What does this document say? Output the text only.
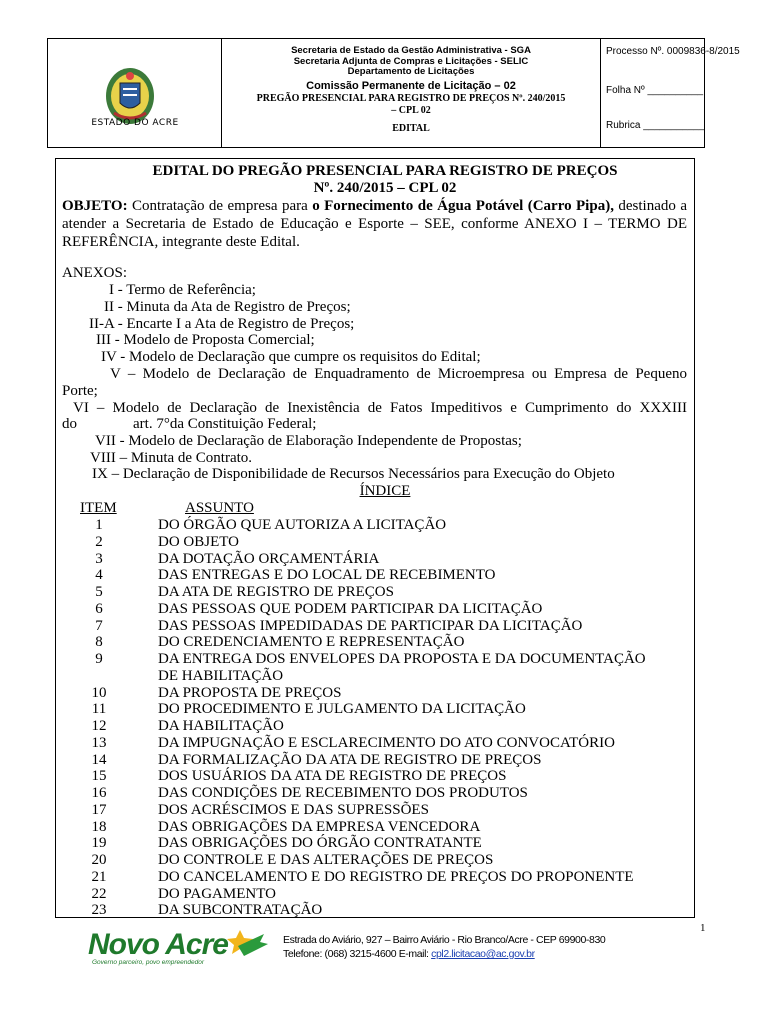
ESTADO DO ACRE
Secretaria de Estado da Gestão Administrativa - SGA
Secretaria Adjunta de Compras e Licitações - SELIC
Departamento de Licitações
Comissão Permanente de Licitação – 02
PREGÃO PRESENCIAL PARA REGISTRO DE PREÇOS Nº. 240/2015
– CPL 02
EDITAL
Processo Nº. 0009836-8/2015
Folha Nº __________
Rubrica ___________
EDITAL DO PREGÃO PRESENCIAL PARA REGISTRO DE PREÇOS
Nº. 240/2015 – CPL 02
OBJETO: Contratação de empresa para o Fornecimento de Água Potável (Carro Pipa), destinado a atender a Secretaria de Estado de Educação e Esporte – SEE, conforme ANEXO I – TERMO DE REFERÊNCIA, integrante deste Edital.
ANEXOS:
I - Termo de Referência;
II - Minuta da Ata de Registro de Preços;
II-A - Encarte I a Ata de Registro de Preços;
III - Modelo de Proposta Comercial;
IV - Modelo de Declaração que cumpre os requisitos do Edital;
V – Modelo de Declaração de Enquadramento de Microempresa ou Empresa de Pequeno
Porte;
VI – Modelo de Declaração de Inexistência de Fatos Impeditivos e Cumprimento do XXXIII
do	art. 7°da Constituição Federal;
VII - Modelo de Declaração de Elaboração Independente de Propostas;
VIII – Minuta de Contrato.
IX – Declaração de Disponibilidade de Recursos Necessários para Execução do Objeto
ÍNDICE
ITEM	ASSUNTO
1	DO ÓRGÃO QUE AUTORIZA A LICITAÇÃO
2	DO OBJETO
3	DA DOTAÇÃO ORÇAMENTÁRIA
4	DAS ENTREGAS E DO LOCAL DE RECEBIMENTO
5	DA ATA DE REGISTRO DE PREÇOS
6	DAS PESSOAS QUE PODEM PARTICIPAR DA LICITAÇÃO
7	DAS PESSOAS IMPEDIDADAS DE PARTICIPAR DA LICITAÇÃO
8	DO CREDENCIAMENTO E REPRESENTAÇÃO
9	DA ENTREGA DOS ENVELOPES DA PROPOSTA E DA DOCUMENTAÇÃO
DE HABILITAÇÃO
10	DA PROPOSTA DE PREÇOS
11	DO PROCEDIMENTO E JULGAMENTO DA LICITAÇÃO
12	DA HABILITAÇÃO
13	DA IMPUGNAÇÃO E ESCLARECIMENTO DO ATO CONVOCATÓRIO
14	DA FORMALIZAÇÃO DA ATA DE REGISTRO DE PREÇOS
15	DOS USUÁRIOS DA ATA DE REGISTRO DE PREÇOS
16	DAS CONDIÇÕES DE RECEBIMENTO DOS PRODUTOS
17	DOS ACRÉSCIMOS E DAS SUPRESSÕES
18	DAS OBRIGAÇÕES DA EMPRESA VENCEDORA
19	DAS OBRIGAÇÕES DO ÓRGÃO CONTRATANTE
20	DO CONTROLE E DAS ALTERAÇÕES DE PREÇOS
21	DO CANCELAMENTO E DO REGISTRO DE PREÇOS DO PROPONENTE
22	DO PAGAMENTO
23	DA SUBCONTRATAÇÃO
Novo Acre
Governo parceiro, povo empreendedor
Estrada do Aviário, 927 – Bairro Aviário - Rio Branco/Acre - CEP 69900-830
Telefone: (068) 3215-4600 E-mail: cpl2.licitacao@ac.gov.br
1
